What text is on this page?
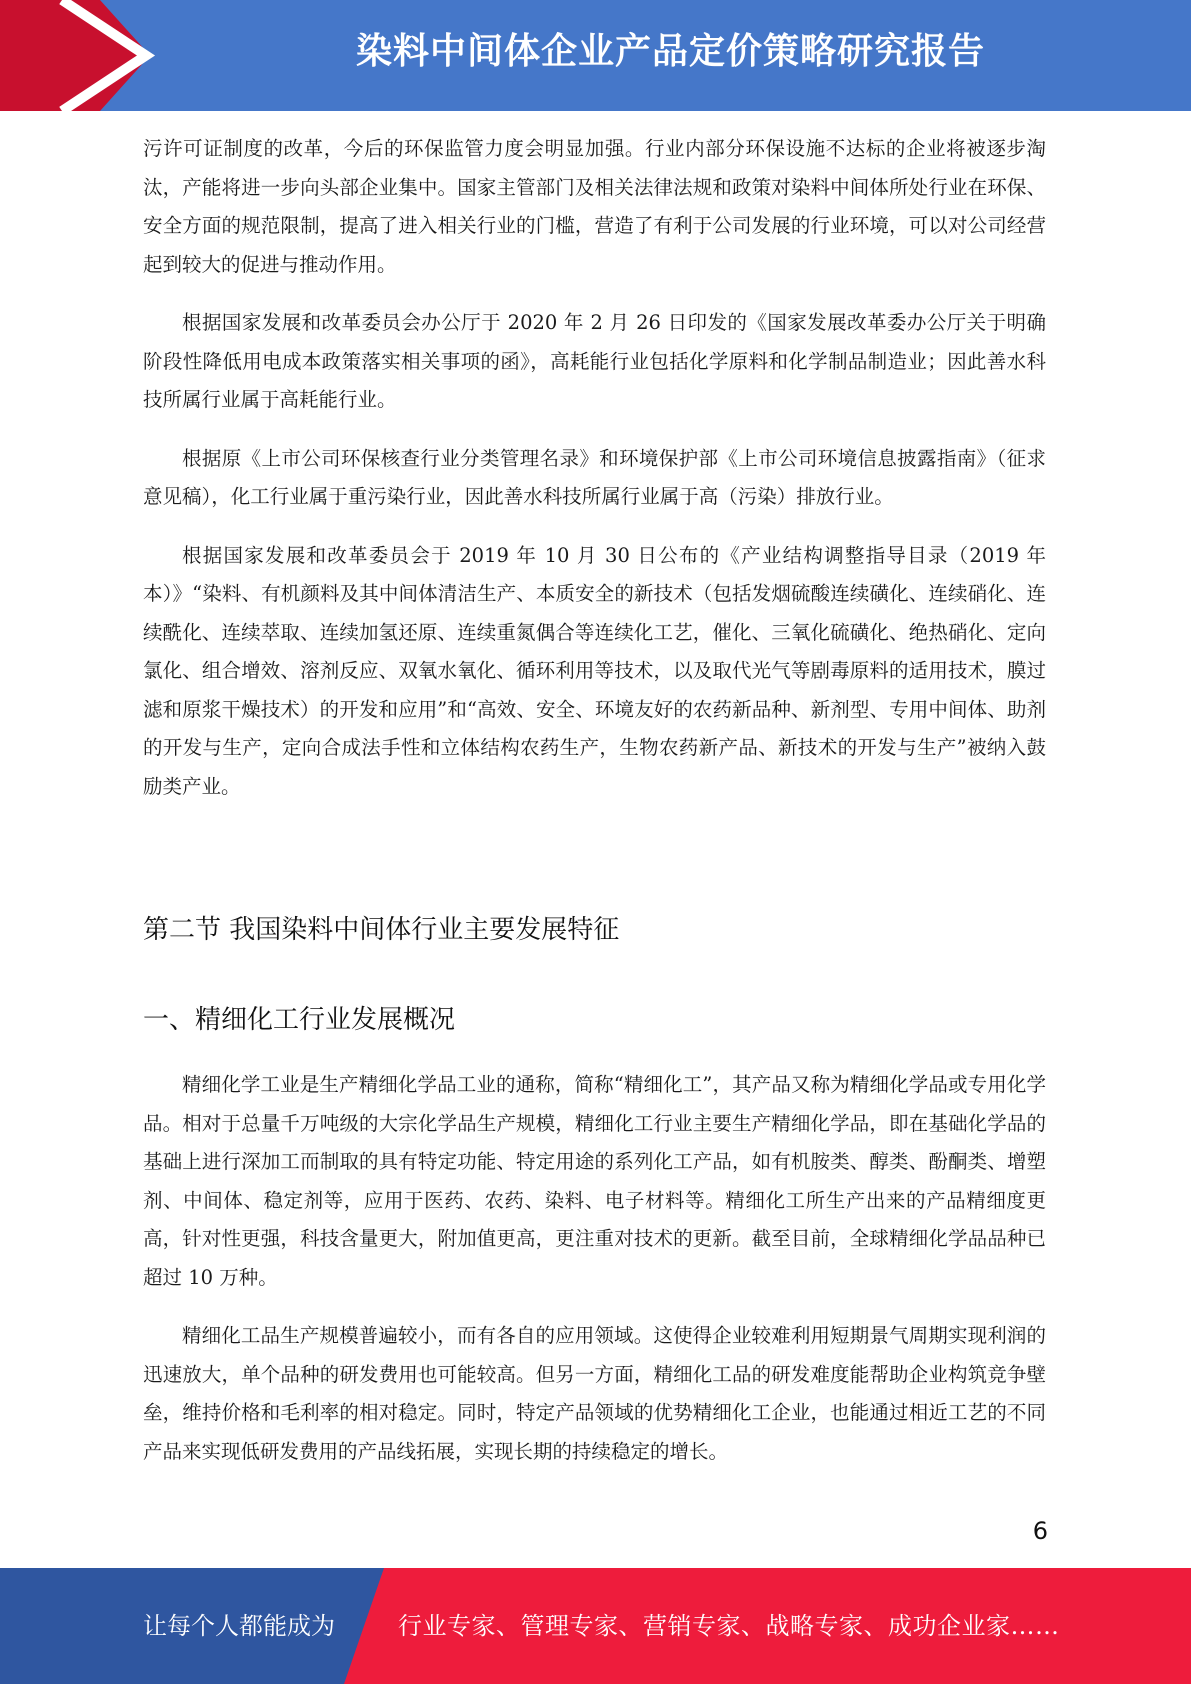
染料中间体企业产品定价策略研究报告

污许可证制度的改革，今后的环保监管力度会明显加强。行业内部分环保设施不达标的企业将被逐步淘汰，产能将进一步向头部企业集中。国家主管部门及相关法律法规和政策对染料中间体所处行业在环保、安全方面的规范限制，提高了进入相关行业的门槛，营造了有利于公司发展的行业环境，可以对公司经营起到较大的促进与推动作用。

根据国家发展和改革委员会办公厅于 2020 年 2 月 26 日印发的《国家发展改革委办公厅关于明确阶段性降低用电成本政策落实相关事项的函》，高耗能行业包括化学原料和化学制品制造业；因此善水科技所属行业属于高耗能行业。

根据原《上市公司环保核查行业分类管理名录》和环境保护部《上市公司环境信息披露指南》（征求意见稿），化工行业属于重污染行业，因此善水科技所属行业属于高（污染）排放行业。

根据国家发展和改革委员会于 2019 年 10 月 30 日公布的《产业结构调整指导目录（2019 年本）》“染料、有机颜料及其中间体清洁生产、本质安全的新技术（包括发烟硫酸连续磺化、连续硝化、连续酰化、连续萃取、连续加氢还原、连续重氮偶合等连续化工艺，催化、三氧化硫磺化、绝热硝化、定向氯化、组合增效、溶剂反应、双氧水氧化、循环利用等技术，以及取代光气等剧毒原料的适用技术，膜过滤和原浆干燥技术）的开发和应用”和“高效、安全、环境友好的农药新品种、新剂型、专用中间体、助剂的开发与生产，定向合成法手性和立体结构农药生产，生物农药新产品、新技术的开发与生产”被纳入鼓励类产业。

第二节 我国染料中间体行业主要发展特征
一、精细化工行业发展概况

精细化学工业是生产精细化学品工业的通称，简称“精细化工”，其产品又称为精细化学品或专用化学品。相对于总量千万吨级的大宗化学品生产规模，精细化工行业主要生产精细化学品，即在基础化学品的基础上进行深加工而制取的具有特定功能、特定用途的系列化工产品，如有机胺类、醇类、酚酮类、增塑剂、中间体、稳定剂等，应用于医药、农药、染料、电子材料等。精细化工所生产出来的产品精细度更高，针对性更强，科技含量更大，附加值更高，更注重对技术的更新。截至目前，全球精细化学品品种已超过 10 万种。

精细化工品生产规模普遍较小，而有各自的应用领域。这使得企业较难利用短期景气周期实现利润的迅速放大，单个品种的研发费用也可能较高。但另一方面，精细化工品的研发难度能帮助企业构筑竞争壁垒，维持价格和毛利率的相对稳定。同时，特定产品领域的优势精细化工企业，也能通过相近工艺的不同产品来实现低研发费用的产品线拓展，实现长期的持续稳定的增长。

6
让每个人都能成为	行业专家、管理专家、营销专家、战略专家、成功企业家……
